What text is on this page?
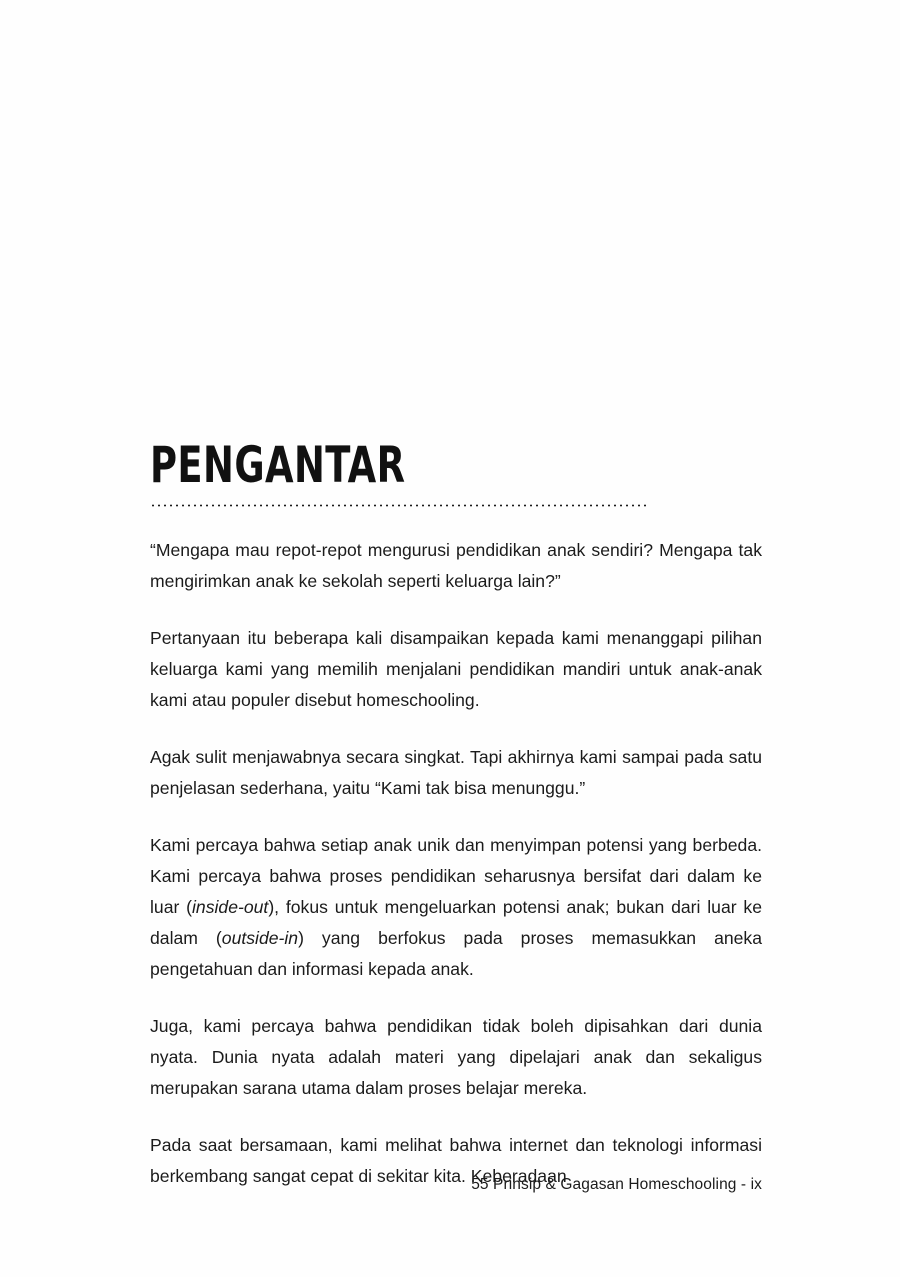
PENGANTAR

“Mengapa mau repot-repot mengurusi pendidikan anak sendiri? Mengapa tak mengirimkan anak ke sekolah seperti keluarga lain?”

Pertanyaan itu beberapa kali disampaikan kepada kami menanggapi pilihan keluarga kami yang memilih menjalani pendidikan mandiri untuk anak-anak kami atau populer disebut homeschooling.

Agak sulit menjawabnya secara singkat. Tapi akhirnya kami sampai pada satu penjelasan sederhana, yaitu “Kami tak bisa menunggu.”

Kami percaya bahwa setiap anak unik dan menyimpan potensi yang berbeda. Kami percaya bahwa proses pendidikan seharusnya bersifat dari dalam ke luar (inside-out), fokus untuk mengeluarkan potensi anak; bukan dari luar ke dalam (outside-in) yang berfokus pada proses memasukkan aneka pengetahuan dan informasi kepada anak.

Juga, kami percaya bahwa pendidikan tidak boleh dipisahkan dari dunia nyata. Dunia nyata adalah materi yang dipelajari anak dan sekaligus merupakan sarana utama dalam proses belajar mereka.

Pada saat bersamaan, kami melihat bahwa internet dan teknologi informasi berkembang sangat cepat di sekitar kita. Keberadaan

55 Prinsip & Gagasan Homeschooling - ix
